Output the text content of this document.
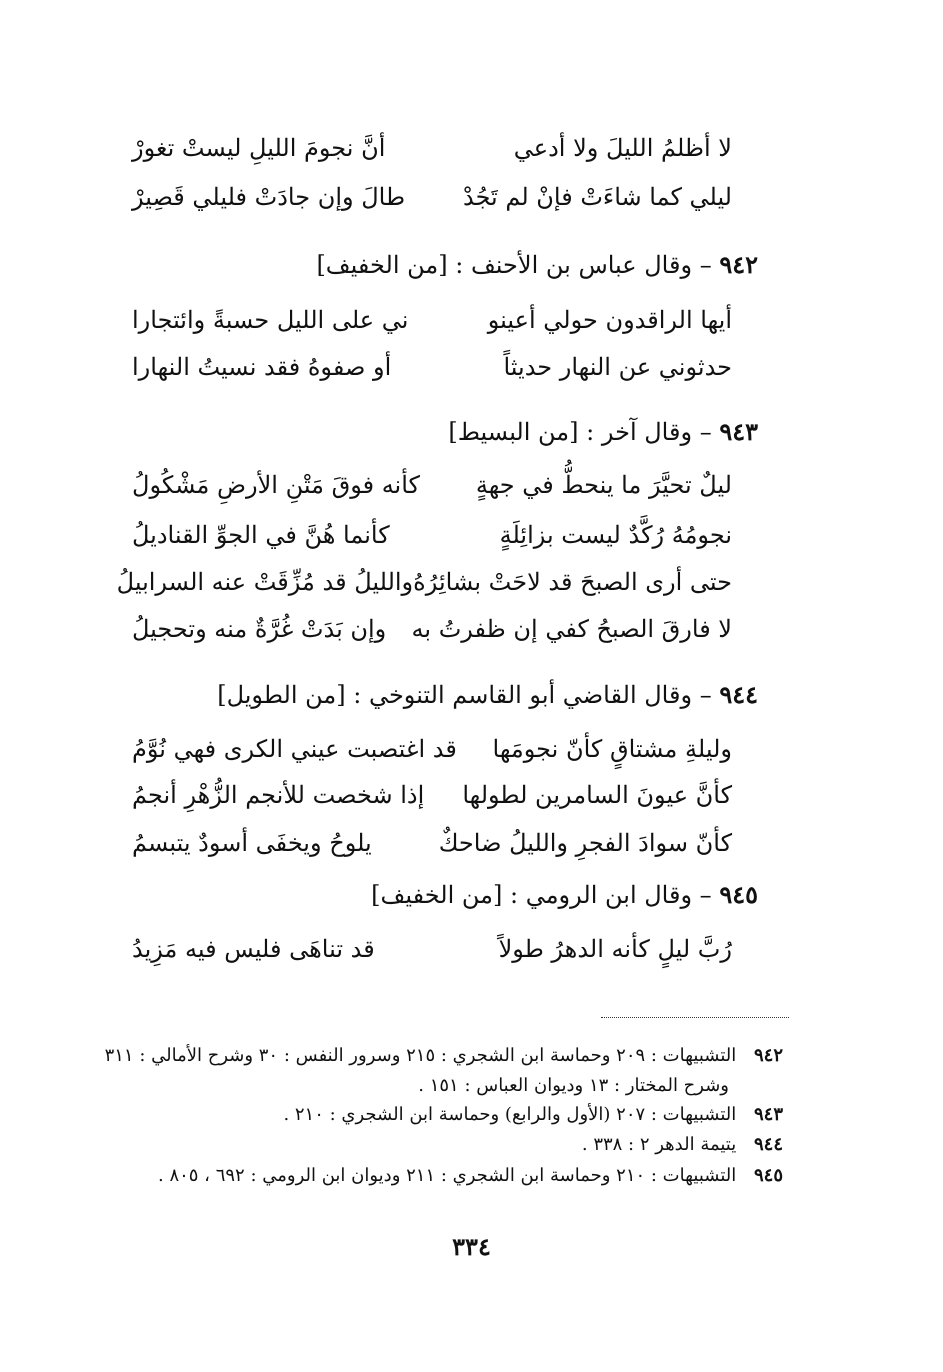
لا أظلمُ الليلَ ولا أدعي
أنَّ نجومَ الليلِ ليستْ تغورْ
ليلي كما شاءَتْ فإنْ لم تَجُدْ
طالَ وإن جادَتْ فليلي قَصِيرْ
٩٤٢ – وقال عباس بن الأحنف : [من الخفيف]
أيها الراقدون حولي أعينو
ني على الليل حسبةً وائتجارا
حدثوني عن النهار حديثاً
أو صفوهُ فقد نسيتُ النهارا
٩٤٣ – وقال آخر : [من البسيط]
ليلٌ تحيَّرَ ما ينحطُّ في جهةٍ
كأنه فوقَ مَتْنِ الأرضِ مَشْكُولُ
نجومُهُ رُكَّدٌ ليست بزائِلَةٍ
كأنما هُنَّ في الجوِّ القناديلُ
حتى أرى الصبحَ قد لاحَتْ بشائِرُهُ
والليلُ قد مُزِّقَتْ عنه السرابيلُ
لا فارقَ الصبحُ كفي إن ظفرتُ به
وإن بَدَتْ غُرَّةٌ منه وتحجيلُ
٩٤٤ – وقال القاضي أبو القاسم التنوخي : [من الطويل]
وليلةِ مشتاقٍ كأنّ نجومَها
قد اغتصبت عيني الكرى فهي نُوَّمُ
كأنَّ عيونَ السامرين لطولها
إذا شخصت للأنجم الزُّهْرِ أنجمُ
كأنّ سوادَ الفجرِ والليلُ ضاحكٌ
يلوحُ ويخفَى أسودٌ يتبسمُ
٩٤٥ – وقال ابن الرومي : [من الخفيف]
رُبَّ ليلٍ كأنه الدهرُ طولاً
قد تناهَى فليس فيه مَزِيدُ
٩٤٢ التشبيهات : ٢٠٩ وحماسة ابن الشجري : ٢١٥ وسرور النفس : ٣٠ وشرح الأمالي : ٣١١
وشرح المختار : ١٣ وديوان العباس : ١٥١ .
٩٤٣ التشبيهات : ٢٠٧ (الأول والرابع) وحماسة ابن الشجري : ٢١٠ .
٩٤٤ يتيمة الدهر ٢ : ٣٣٨ .
٩٤٥ التشبيهات : ٢١٠ وحماسة ابن الشجري : ٢١١ وديوان ابن الرومي : ٦٩٢ ، ٨٠٥ .
٣٣٤
